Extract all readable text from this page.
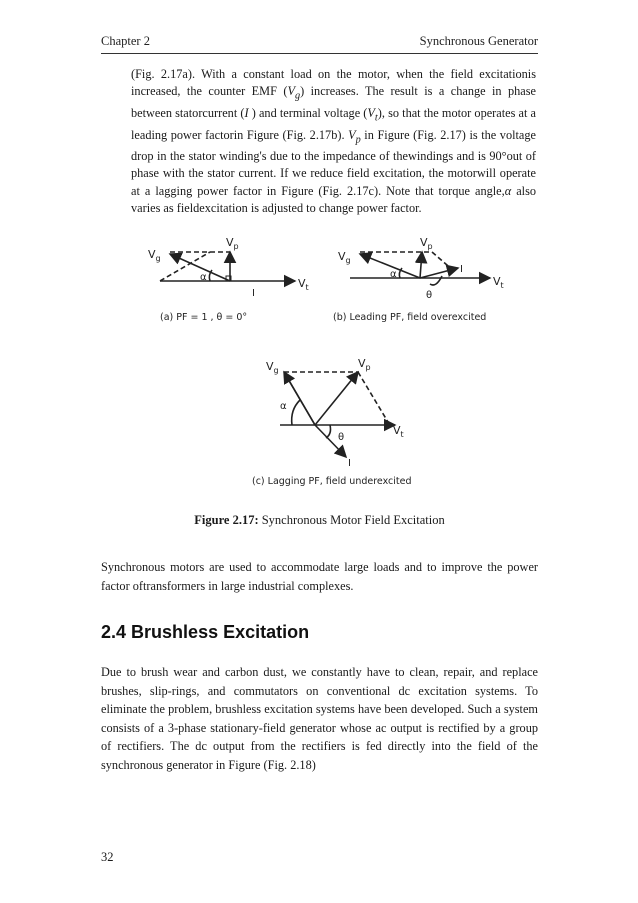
Chapter 2	Synchronous Generator
(Fig. 2.17a). With a constant load on the motor, when the field excitationis increased, the counter EMF $(V_g)$ increases. The result is a change in phase between statorcurrent (I ) and terminal voltage $(V_t)$, so that the motor operates at a leading power factorin Figure (Fig. 2.17b). $V_p$ in Figure (Fig. 2.17) is the voltage drop in the stator winding's due to the impedance of thewindings and is 90°out of phase with the stator current. If we reduce field excitation, the motorwill operate at a lagging power factor in Figure (Fig. 2.17c). Note that torque angle,α also varies as fieldexcitation is adjusted to change power factor.
$V_g$
$V_p$
$V_t$
α
I
(a) PF = 1 , θ = 0°
$V_g$
$V_p$
$V_t$
α	I
θ
(b) Leading PF, field overexcited
$V_g$
$V_p$
$V_t$
α
I
θ
(c) Lagging PF, field underexcited
Figure 2.17: Synchronous Motor Field Excitation
Synchronous motors are used to accommodate large loads and to improve the power factor oftransformers in large industrial complexes.
2.4 Brushless Excitation
Due to brush wear and carbon dust, we constantly have to clean, repair, and replace brushes, slip-rings, and commutators on conventional dc excitation systems. To eliminate the problem, brushless excitation systems have been developed. Such a system consists of a 3-phase stationary-field generator whose ac output is rectified by a group of rectifiers. The dc output from the rectifiers is fed directly into the field of the synchronous generator in Figure (Fig. 2.18)
32
